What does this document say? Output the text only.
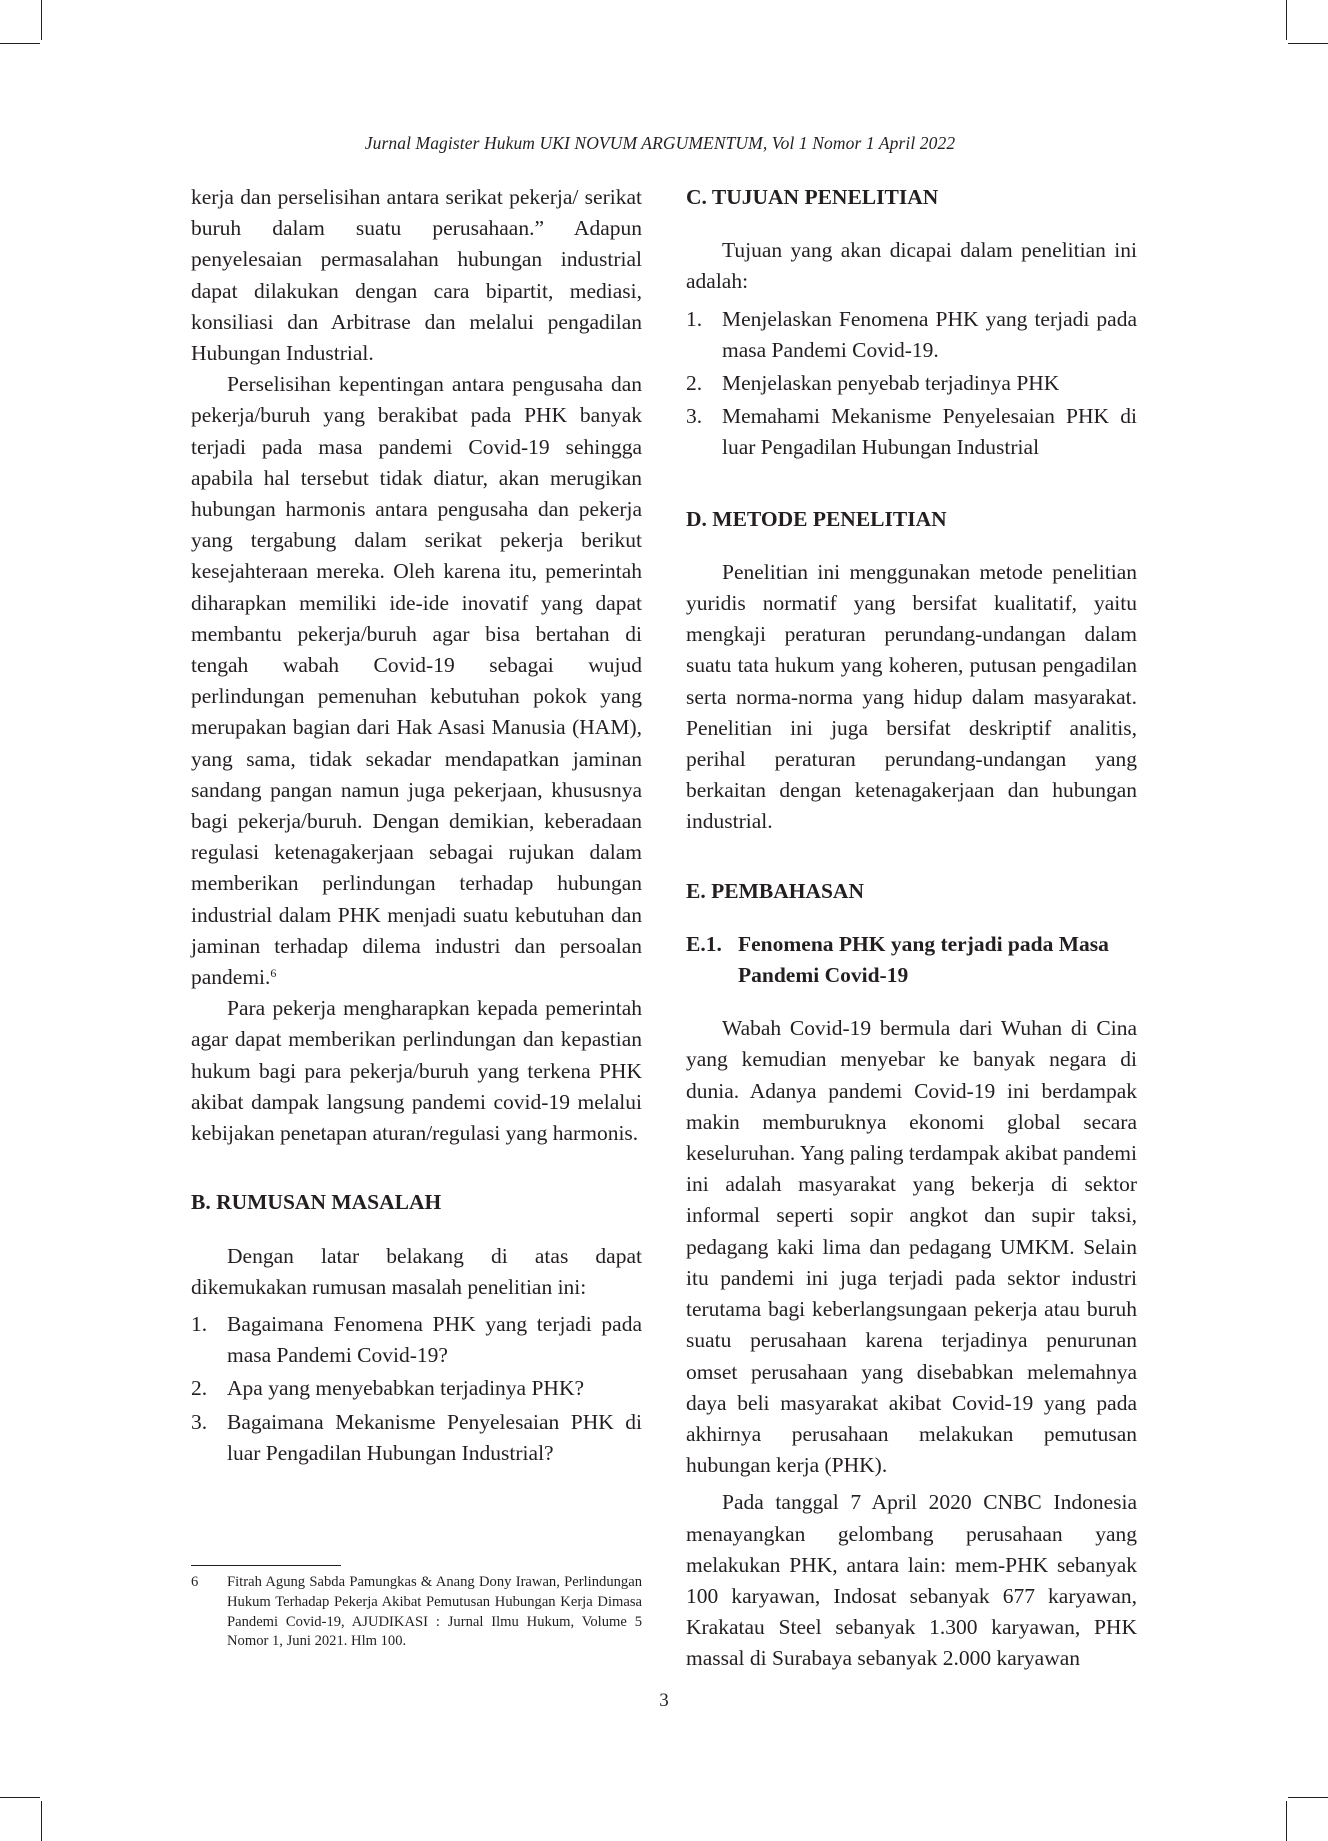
Jurnal Magister Hukum UKI NOVUM ARGUMENTUM, Vol 1 Nomor 1 April 2022

kerja dan perselisihan antara serikat pekerja/ serikat buruh dalam suatu perusahaan.” Adapun penyelesaian permasalahan hubungan industrial dapat dilakukan dengan cara bipartit, mediasi, konsiliasi dan Arbitrase dan melalui pengadilan Hubungan Industrial.

Perselisihan kepentingan antara pengusaha dan pekerja/buruh yang berakibat pada PHK banyak terjadi pada masa pandemi Covid-19 sehingga apabila hal tersebut tidak diatur, akan merugikan hubungan harmonis antara pengusaha dan pekerja yang tergabung dalam serikat pekerja berikut kesejahteraan mereka. Oleh karena itu, pemerintah diharapkan memiliki ide-ide inovatif yang dapat membantu pekerja/buruh agar bisa bertahan di tengah wabah Covid-19 sebagai wujud perlindungan pemenuhan kebutuhan pokok yang merupakan bagian dari Hak Asasi Manusia (HAM), yang sama, tidak sekadar mendapatkan jaminan sandang pangan namun juga pekerjaan, khususnya bagi pekerja/buruh. Dengan demikian, keberadaan regulasi ketenagakerjaan sebagai rujukan dalam memberikan perlindungan terhadap hubungan industrial dalam PHK menjadi suatu kebutuhan dan jaminan terhadap dilema industri dan persoalan pandemi.$^6$

Para pekerja mengharapkan kepada pemerintah agar dapat memberikan perlindungan dan kepastian hukum bagi para pekerja/buruh yang terkena PHK akibat dampak langsung pandemi covid-19 melalui kebijakan penetapan aturan/regulasi yang harmonis.

B. RUMUSAN MASALAH

Dengan latar belakang di atas dapat dikemukakan rumusan masalah penelitian ini:

1. Bagaimana Fenomena PHK yang terjadi pada masa Pandemi Covid-19?
2. Apa yang menyebabkan terjadinya PHK?
3. Bagaimana Mekanisme Penyelesaian PHK di luar Pengadilan Hubungan Industrial?
C. TUJUAN PENELITIAN

Tujuan yang akan dicapai dalam penelitian ini adalah:

1. Menjelaskan Fenomena PHK yang terjadi pada masa Pandemi Covid-19.
2. Menjelaskan penyebab terjadinya PHK
3. Memahami Mekanisme Penyelesaian PHK di luar Pengadilan Hubungan Industrial
D. METODE PENELITIAN

Penelitian ini menggunakan metode penelitian yuridis normatif yang bersifat kualitatif, yaitu mengkaji peraturan perundang-undangan dalam suatu tata hukum yang koheren, putusan pengadilan serta norma-norma yang hidup dalam masyarakat. Penelitian ini juga bersifat deskriptif analitis, perihal peraturan perundang-undangan yang berkaitan dengan ketenagakerjaan dan hubungan industrial.

E. PEMBAHASAN
E.1. Fenomena PHK yang terjadi pada Masa Pandemi Covid-19

Wabah Covid-19 bermula dari Wuhan di Cina yang kemudian menyebar ke banyak negara di dunia. Adanya pandemi Covid-19 ini berdampak makin memburuknya ekonomi global secara keseluruhan. Yang paling terdampak akibat pandemi ini adalah masyarakat yang bekerja di sektor informal seperti sopir angkot dan supir taksi, pedagang kaki lima dan pedagang UMKM. Selain itu pandemi ini juga terjadi pada sektor industri terutama bagi keberlangsungaan pekerja atau buruh suatu perusahaan karena terjadinya penurunan omset perusahaan yang disebabkan melemahnya daya beli masyarakat akibat Covid-19 yang pada akhirnya perusahaan melakukan pemutusan hubungan kerja (PHK).

Pada tanggal 7 April 2020 CNBC Indonesia menayangkan gelombang perusahaan yang melakukan PHK, antara lain: mem-PHK sebanyak 100 karyawan, Indosat sebanyak 677 karyawan, Krakatau Steel sebanyak 1.300 karyawan, PHK massal di Surabaya sebanyak 2.000 karyawan

6	Fitrah Agung Sabda Pamungkas & Anang Dony Irawan, Perlindungan Hukum Terhadap Pekerja Akibat Pemutusan Hubungan Kerja Dimasa Pandemi Covid-19, AJUDIKASI : Jurnal Ilmu Hukum, Volume 5 Nomor 1, Juni 2021. Hlm 100.
3
